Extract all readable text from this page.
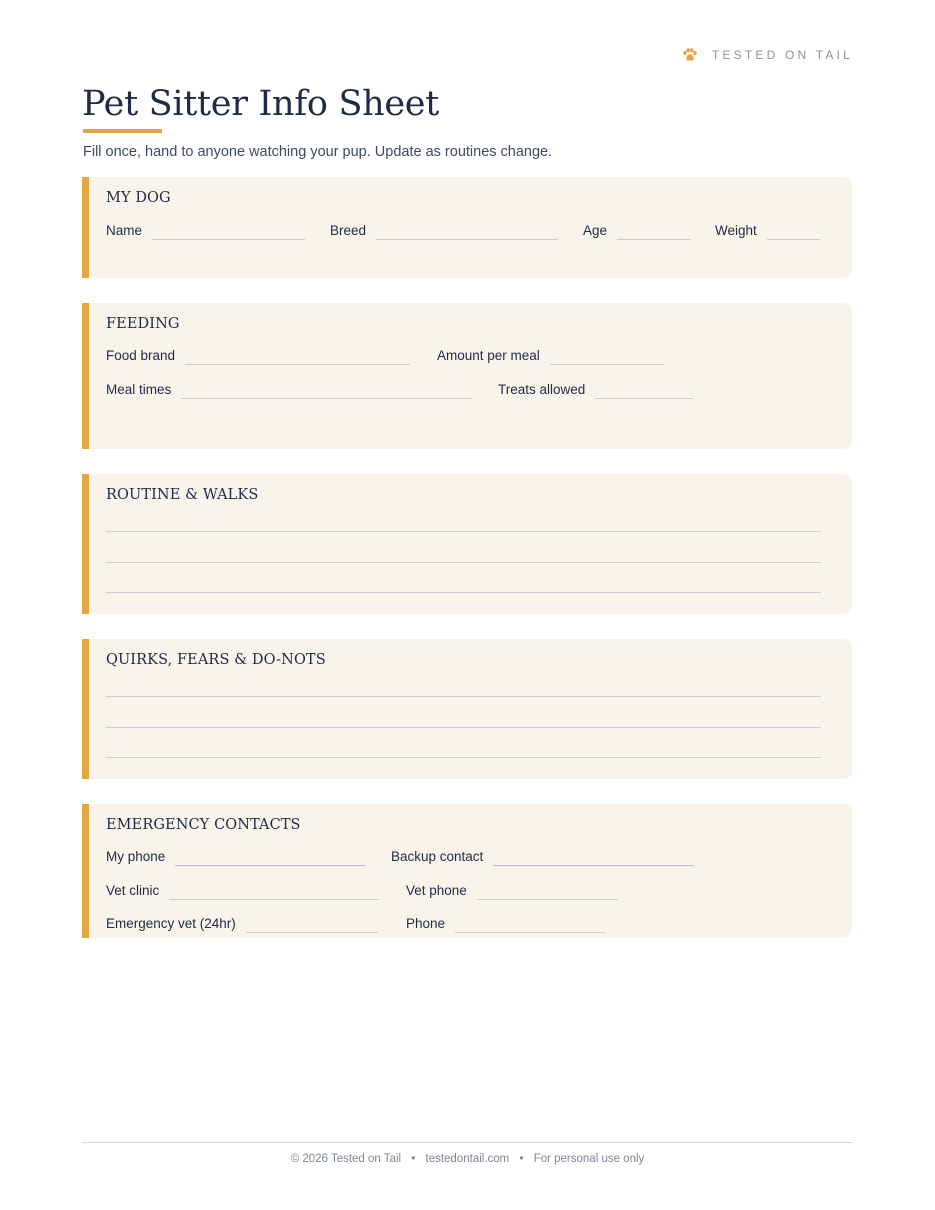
TESTED ON TAIL
Pet Sitter Info Sheet

Fill once, hand to anyone watching your pup. Update as routines change.

MY DOG
Name	Breed	Age	Weight
FEEDING
Food brand	Amount per meal
Meal times	Treats allowed
ROUTINE & WALKS
QUIRKS, FEARS & DO-NOTS
EMERGENCY CONTACTS
My phone	Backup contact
Vet clinic	Vet phone
Emergency vet (24hr)	Phone
© 2026 Tested on Tail • testedontail.com • For personal use only
